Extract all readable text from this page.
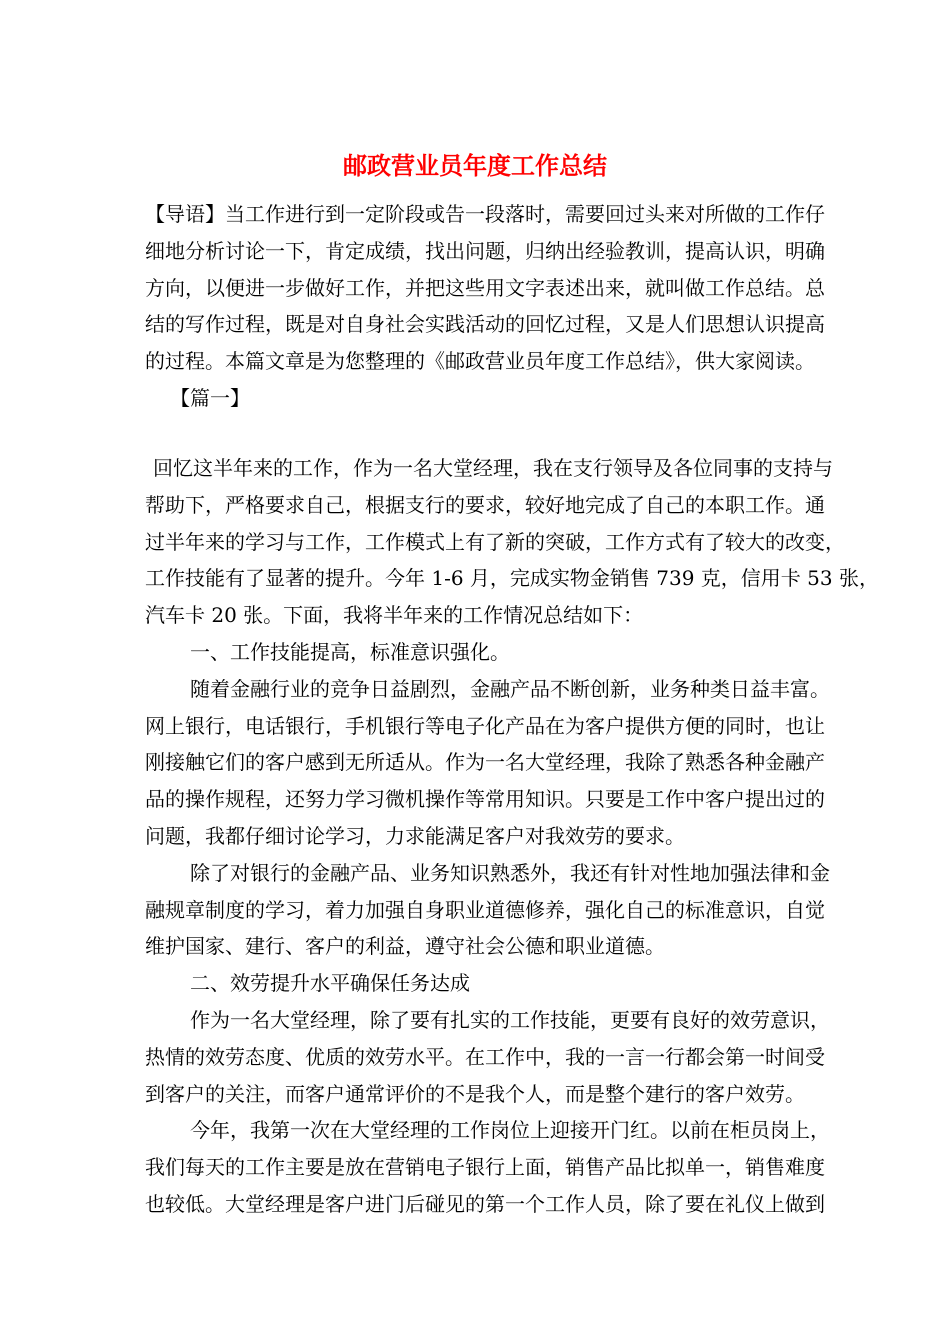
邮政营业员年度工作总结
【导语】当工作进行到一定阶段或告一段落时，需要回过头来对所做的工作仔
细地分析讨论一下，肯定成绩，找出问题，归纳出经验教训，提高认识，明确
方向，以便进一步做好工作，并把这些用文字表述出来，就叫做工作总结。总
结的写作过程，既是对自身社会实践活动的回忆过程，又是人们思想认识提高
的过程。本篇文章是为您整理的《邮政营业员年度工作总结》，供大家阅读。
【篇一】
回忆这半年来的工作，作为一名大堂经理，我在支行领导及各位同事的支持与
帮助下，严格要求自己，根据支行的要求，较好地完成了自己的本职工作。通
过半年来的学习与工作，工作模式上有了新的突破，工作方式有了较大的改变，
工作技能有了显著的提升。今年 1-6 月，完成实物金销售 739 克，信用卡 53 张，
汽车卡 20 张。下面，我将半年来的工作情况总结如下：
一、工作技能提高，标准意识强化。
随着金融行业的竞争日益剧烈，金融产品不断创新，业务种类日益丰富。
网上银行，电话银行，手机银行等电子化产品在为客户提供方便的同时，也让
刚接触它们的客户感到无所适从。作为一名大堂经理，我除了熟悉各种金融产
品的操作规程，还努力学习微机操作等常用知识。只要是工作中客户提出过的
问题，我都仔细讨论学习，力求能满足客户对我效劳的要求。
除了对银行的金融产品、业务知识熟悉外，我还有针对性地加强法律和金
融规章制度的学习，着力加强自身职业道德修养，强化自己的标准意识，自觉
维护国家、建行、客户的利益，遵守社会公德和职业道德。
二、效劳提升水平确保任务达成
作为一名大堂经理，除了要有扎实的工作技能，更要有良好的效劳意识，
热情的效劳态度、优质的效劳水平。在工作中，我的一言一行都会第一时间受
到客户的关注，而客户通常评价的不是我个人，而是整个建行的客户效劳。
今年，我第一次在大堂经理的工作岗位上迎接开门红。以前在柜员岗上，
我们每天的工作主要是放在营销电子银行上面，销售产品比拟单一，销售难度
也较低。大堂经理是客户进门后碰见的第一个工作人员，除了要在礼仪上做到
